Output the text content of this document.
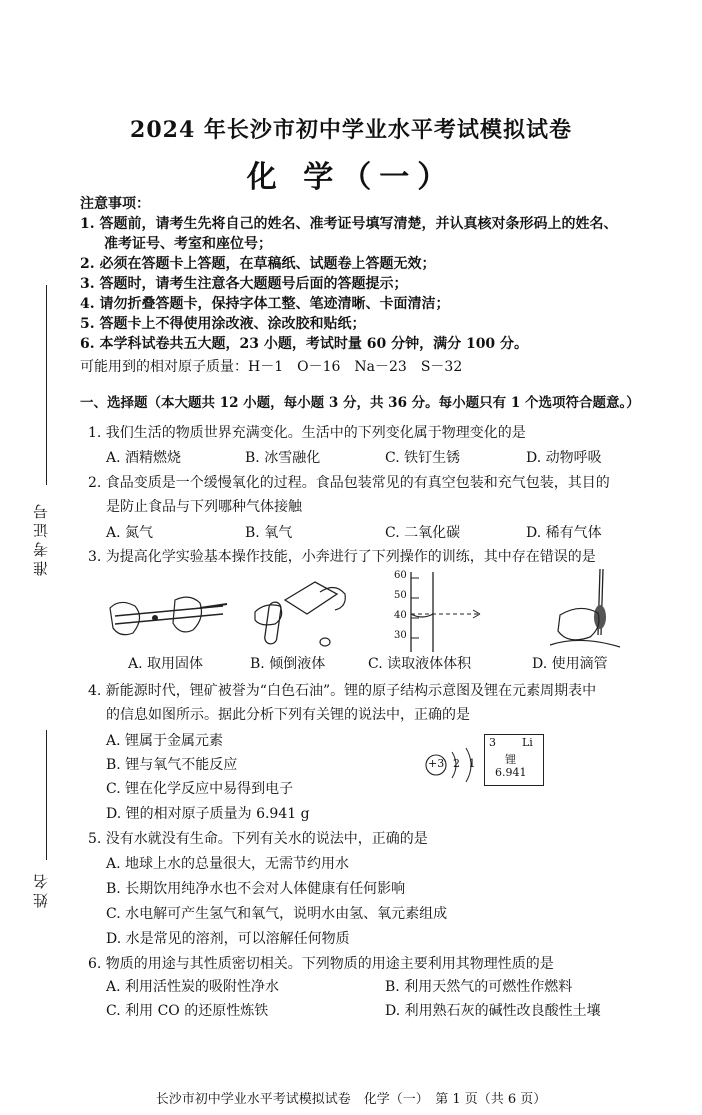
准考证号
姓名
2024 年长沙市初中学业水平考试模拟试卷
化 学（一）
注意事项：
1. 答题前，请考生先将自己的姓名、准考证号填写清楚，并认真核对条形码上的姓名、
准考证号、考室和座位号；
2. 必须在答题卡上答题，在草稿纸、试题卷上答题无效；
3. 答题时，请考生注意各大题题号后面的答题提示；
4. 请勿折叠答题卡，保持字体工整、笔迹清晰、卡面清洁；
5. 答题卡上不得使用涂改液、涂改胶和贴纸；
6. 本学科试卷共五大题，23 小题，考试时量 60 分钟，满分 100 分。
可能用到的相对原子质量：H－1　O－16　Na－23　S－32
一、选择题（本大题共 12 小题，每小题 3 分，共 36 分。每小题只有 1 个选项符合题意。）
1. 我们生活的物质世界充满变化。生活中的下列变化属于物理变化的是
A. 酒精燃烧	B. 冰雪融化	C. 铁钉生锈	D. 动物呼吸
2. 食品变质是一个缓慢氧化的过程。食品包装常见的有真空包装和充气包装，其目的
是防止食品与下列哪种气体接触
A. 氮气	B. 氧气	C. 二氧化碳	D. 稀有气体
3. 为提高化学实验基本操作技能，小奔进行了下列操作的训练，其中存在错误的是
60
50
40
30
A. 取用固体	B. 倾倒液体	C. 读取液体体积	D. 使用滴管
4. 新能源时代，锂矿被誉为“白色石油”。锂的原子结构示意图及锂在元素周期表中
的信息如图所示。据此分析下列有关锂的说法中，正确的是
A. 锂属于金属元素
B. 锂与氧气不能反应
C. 锂在化学反应中易得到电子
D. 锂的相对原子质量为 6.941 g
+3 2 1
3 Li
锂
6.941
5. 没有水就没有生命。下列有关水的说法中，正确的是
A. 地球上水的总量很大，无需节约用水
B. 长期饮用纯净水也不会对人体健康有任何影响
C. 水电解可产生氢气和氧气，说明水由氢、氧元素组成
D. 水是常见的溶剂，可以溶解任何物质
6. 物质的用途与其性质密切相关。下列物质的用途主要利用其物理性质的是
A. 利用活性炭的吸附性净水	B. 利用天然气的可燃性作燃料
C. 利用 CO 的还原性炼铁	D. 利用熟石灰的碱性改良酸性土壤
长沙市初中学业水平考试模拟试卷　化学（一）　第 1 页（共 6 页）
